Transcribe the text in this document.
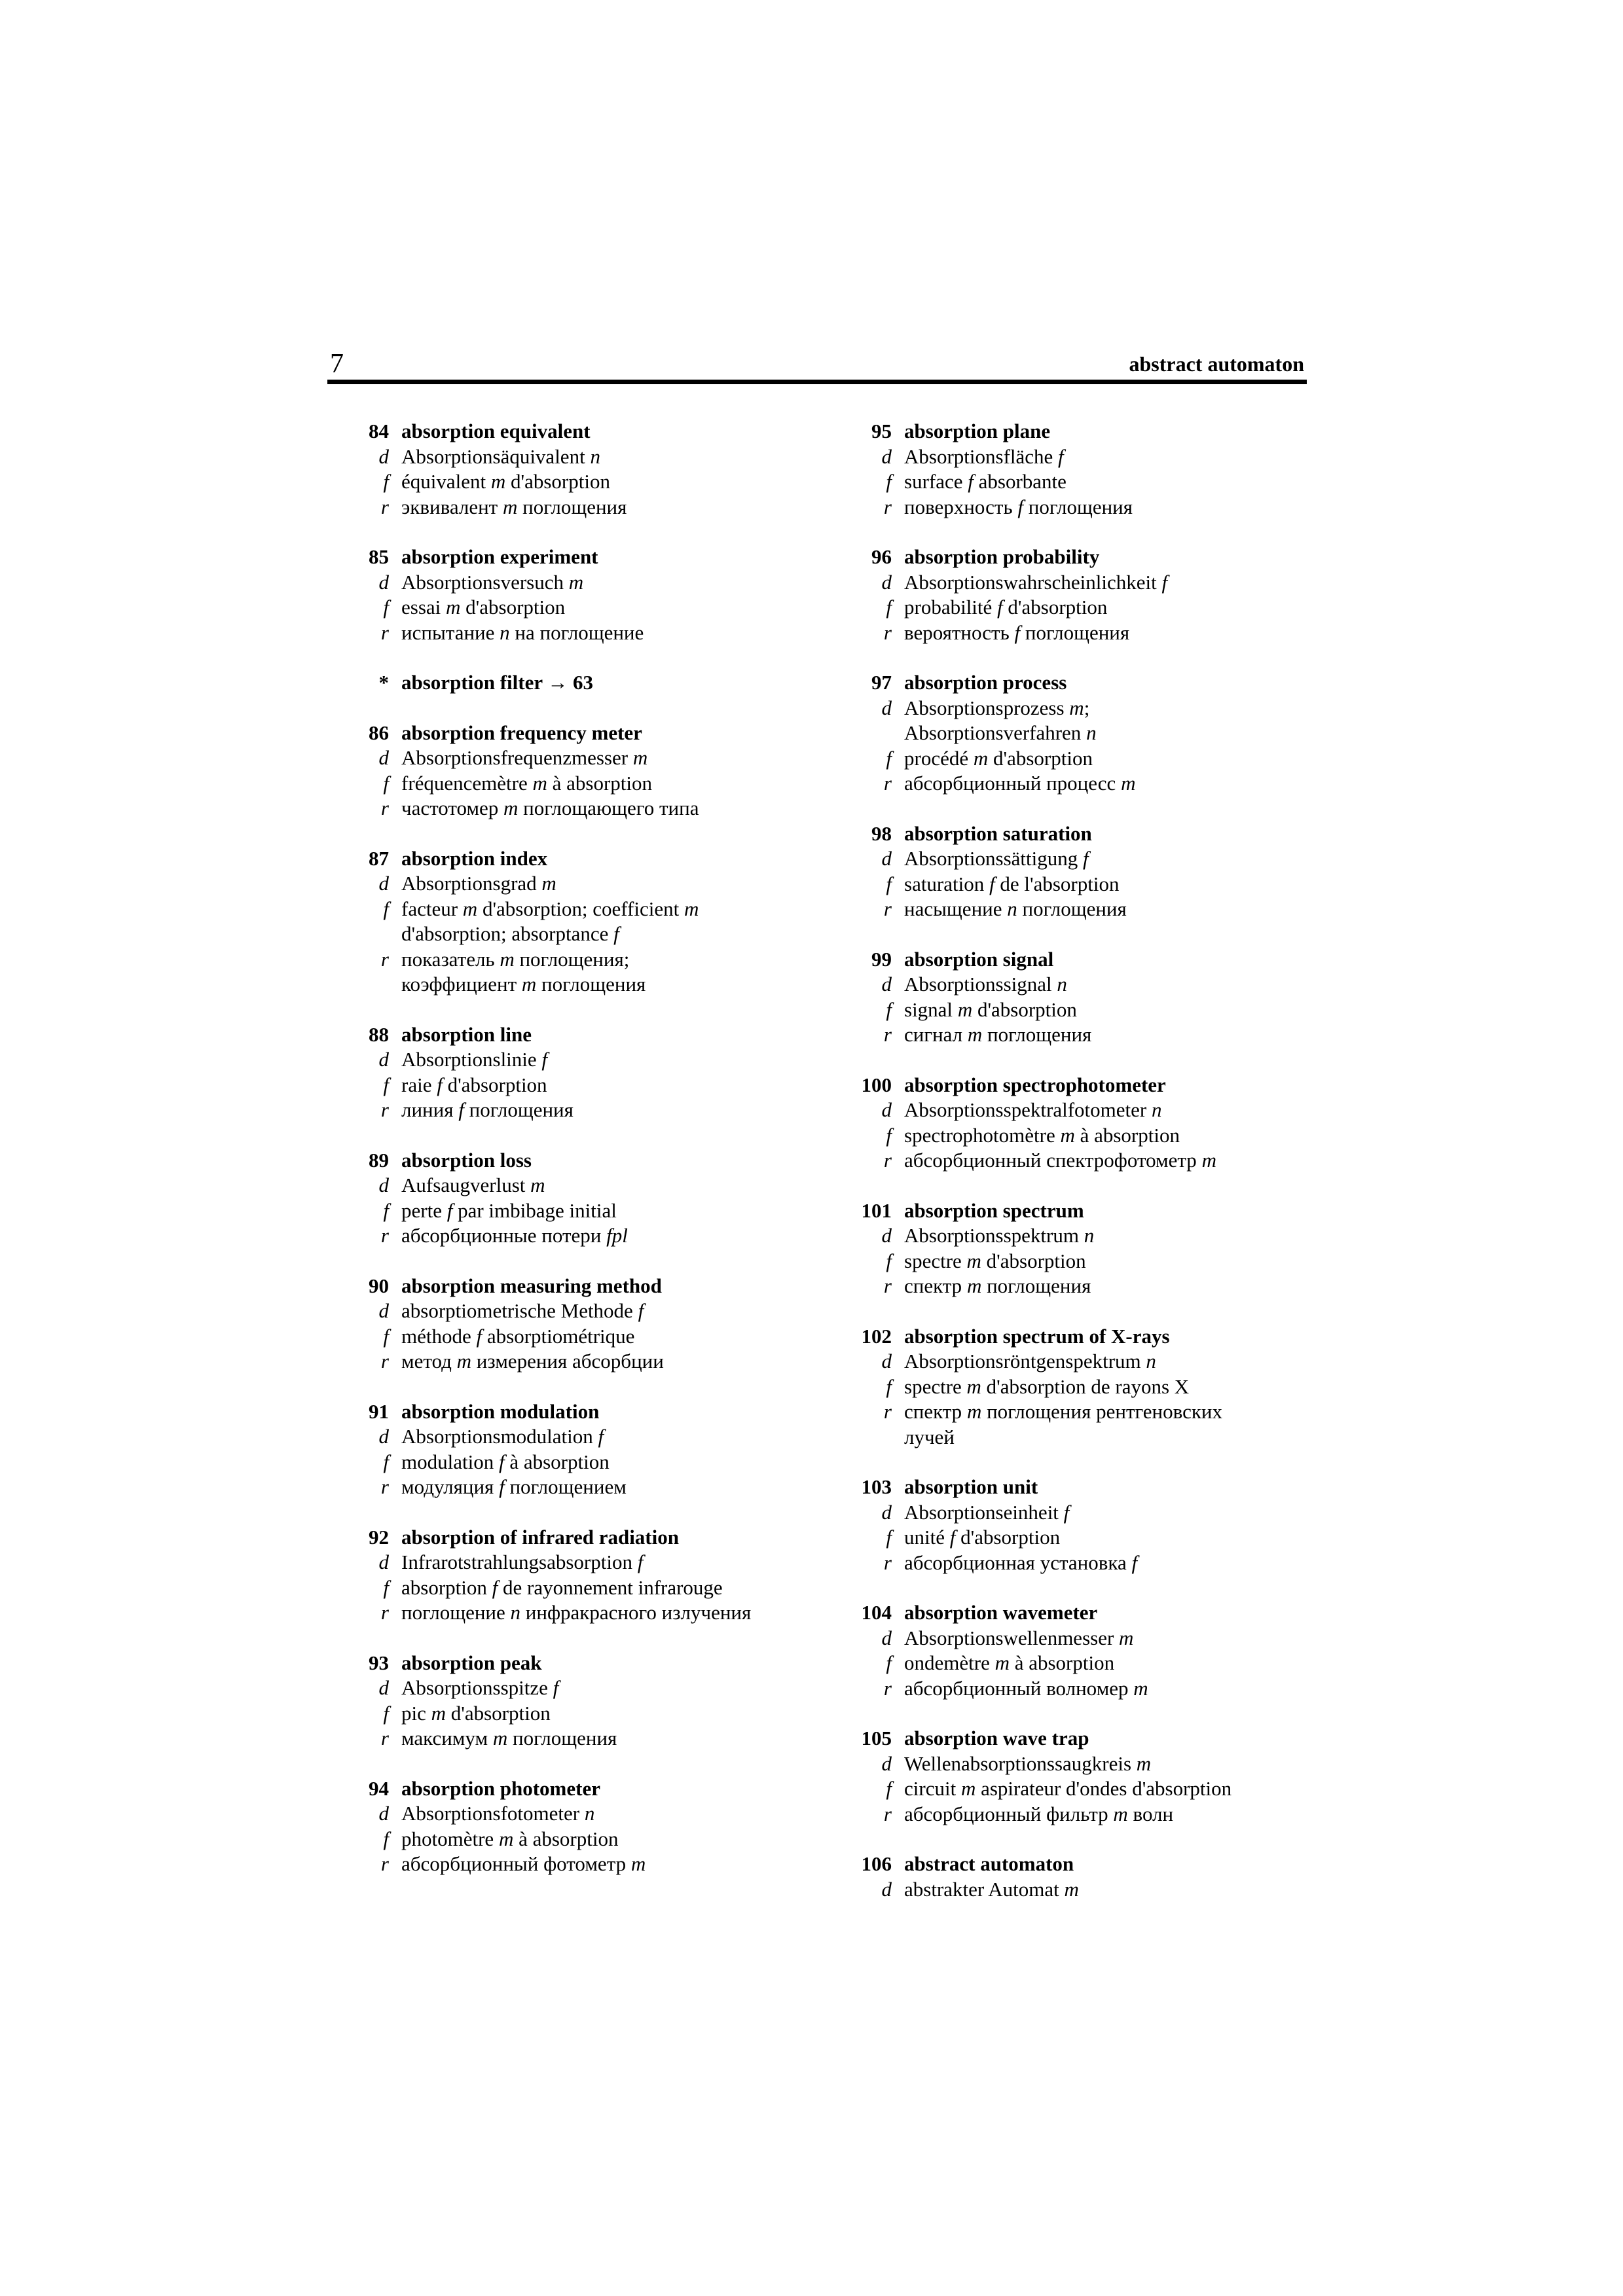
7	abstract automaton
84 absorption equivalent
d Absorptionsäquivalent n
f équivalent m d'absorption
r эквивалент m поглощения
85 absorption experiment
d Absorptionsversuch m
f essai m d'absorption
r испытание n на поглощение
* absorption filter → 63
86 absorption frequency meter
d Absorptionsfrequenzmesser m
f fréquencemètre m à absorption
r частотомер m поглощающего типа
87 absorption index
d Absorptionsgrad m
f facteur m d'absorption; coefficient m
d'absorption; absorptance f
r показатель m поглощения;
коэффициент m поглощения
88 absorption line
d Absorptionslinie f
f raie f d'absorption
r линия f поглощения
89 absorption loss
d Aufsaugverlust m
f perte f par imbibage initial
r абсорбционные потери fpl
90 absorption measuring method
d absorptiometrische Methode f
f méthode f absorptiométrique
r метод m измерения абсорбции
91 absorption modulation
d Absorptionsmodulation f
f modulation f à absorption
r модуляция f поглощением
92 absorption of infrared radiation
d Infrarotstrahlungsabsorption f
f absorption f de rayonnement infrarouge
r поглощение n инфракрасного излучения
93 absorption peak
d Absorptionsspitze f
f pic m d'absorption
r максимум m поглощения
94 absorption photometer
d Absorptionsfotometer n
f photomètre m à absorption
r абсорбционный фотометр m
95 absorption plane
d Absorptionsfläche f
f surface f absorbante
r поверхность f поглощения
96 absorption probability
d Absorptionswahrscheinlichkeit f
f probabilité f d'absorption
r вероятность f поглощения
97 absorption process
d Absorptionsprozess m;
Absorptionsverfahren n
f procédé m d'absorption
r абсорбционный процесс m
98 absorption saturation
d Absorptionssättigung f
f saturation f de l'absorption
r насыщение n поглощения
99 absorption signal
d Absorptionssignal n
f signal m d'absorption
r сигнал m поглощения
100 absorption spectrophotometer
d Absorptionsspektralfotometer n
f spectrophotomètre m à absorption
r абсорбционный спектрофотометр m
101 absorption spectrum
d Absorptionsspektrum n
f spectre m d'absorption
r спектр m поглощения
102 absorption spectrum of X-rays
d Absorptionsröntgenspektrum n
f spectre m d'absorption de rayons X
r спектр m поглощения рентгеновских
лучей
103 absorption unit
d Absorptionseinheit f
f unité f d'absorption
r абсорбционная установка f
104 absorption wavemeter
d Absorptionswellenmesser m
f ondemètre m à absorption
r абсорбционный волномер m
105 absorption wave trap
d Wellenabsorptionssaugkreis m
f circuit m aspirateur d'ondes d'absorption
r абсорбционный фильтр m волн
106 abstract automaton
d abstrakter Automat m
